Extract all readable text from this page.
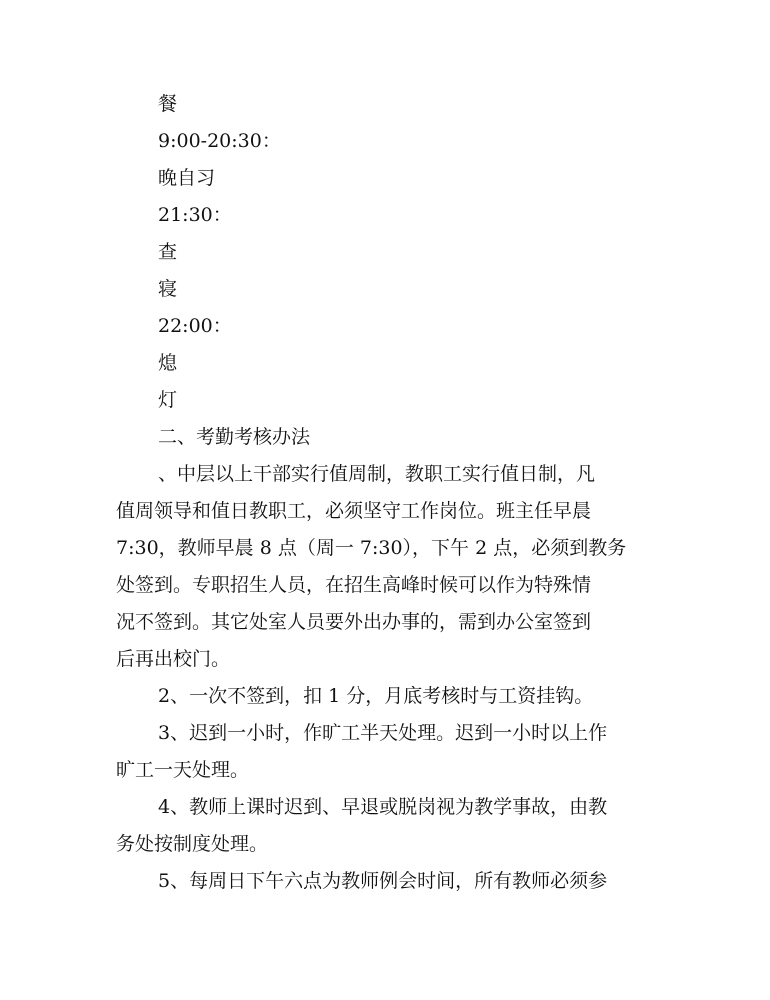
餐
9:00-20:30：
晚自习
21:30：
查
寝
22:00：
熄
灯
二、考勤考核办法
、中层以上干部实行值周制，教职工实行值日制，凡
值周领导和值日教职工，必须坚守工作岗位。班主任早晨
7:30，教师早晨 8 点（周一 7:30），下午 2 点，必须到教务
处签到。专职招生人员，在招生高峰时候可以作为特殊情
况不签到。其它处室人员要外出办事的，需到办公室签到
后再出校门。
2、一次不签到，扣 1 分，月底考核时与工资挂钩。
3、迟到一小时，作旷工半天处理。迟到一小时以上作
旷工一天处理。
4、教师上课时迟到、早退或脱岗视为教学事故，由教
务处按制度处理。
5、每周日下午六点为教师例会时间，所有教师必须参
